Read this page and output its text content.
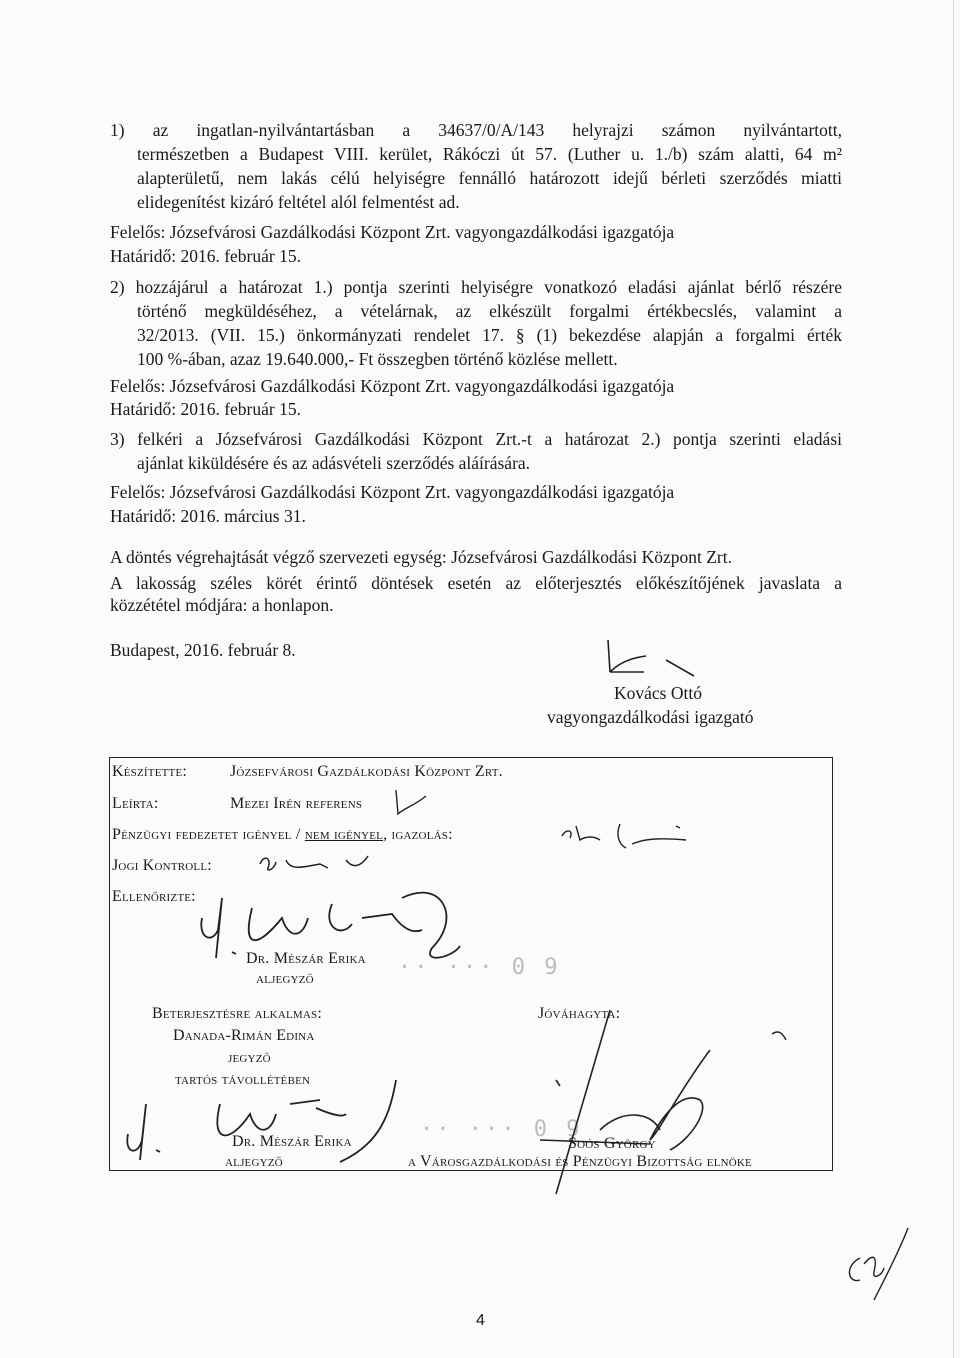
1) az ingatlan-nyilvántartásban a 34637/0/A/143 helyrajzi számon nyilvántartott,
természetben a Budapest VIII. kerület, Rákóczi út 57. (Luther u. 1./b) szám alatti, 64 m²
alapterületű, nem lakás célú helyiségre fennálló határozott idejű bérleti szerződés miatti
elidegenítést kizáró feltétel alól felmentést ad.
Felelős: Józsefvárosi Gazdálkodási Központ Zrt. vagyongazdálkodási igazgatója
Határidő: 2016. február 15.
2) hozzájárul a határozat 1.) pontja szerinti helyiségre vonatkozó eladási ajánlat bérlő részére
történő megküldéséhez, a vételárnak, az elkészült forgalmi értékbecslés, valamint a
32/2013. (VII. 15.) önkormányzati rendelet 17. § (1) bekezdése alapján a forgalmi érték
100 %-ában, azaz 19.640.000,- Ft összegben történő közlése mellett.
Felelős: Józsefvárosi Gazdálkodási Központ Zrt. vagyongazdálkodási igazgatója
Határidő: 2016. február 15.
3) felkéri a Józsefvárosi Gazdálkodási Központ Zrt.-t a határozat 2.) pontja szerinti eladási
ajánlat kiküldésére és az adásvételi szerződés aláírására.
Felelős: Józsefvárosi Gazdálkodási Központ Zrt. vagyongazdálkodási igazgatója
Határidő: 2016. március 31.
A döntés végrehajtását végző szervezeti egység: Józsefvárosi Gazdálkodási Központ Zrt.
A lakosság széles körét érintő döntések esetén az előterjesztés előkészítőjének javaslata a
közzététel módjára: a honlapon.
Budapest, 2016. február 8.
Kovács Ottó
vagyongazdálkodási igazgató
Készítette:	Józsefvárosi Gazdálkodási Központ Zrt.
Leírta:	Mezei Irén referens
Pénzügyi fedezetet igényel / nem igényel, igazolás:
Jogi Kontroll:
Ellenőrizte:
Dr. Mészár Erika
aljegyző	·· ··· 0 9
Beterjesztésre alkalmas:
Danada-Rimán Edina
jegyző
tartós távollétében
Dr. Mészár Erika
aljegyző
·· ··· 0 9
Jóváhagyta:
Soós György
a Városgazdálkodási és Pénzügyi Bizottság elnöke
4
